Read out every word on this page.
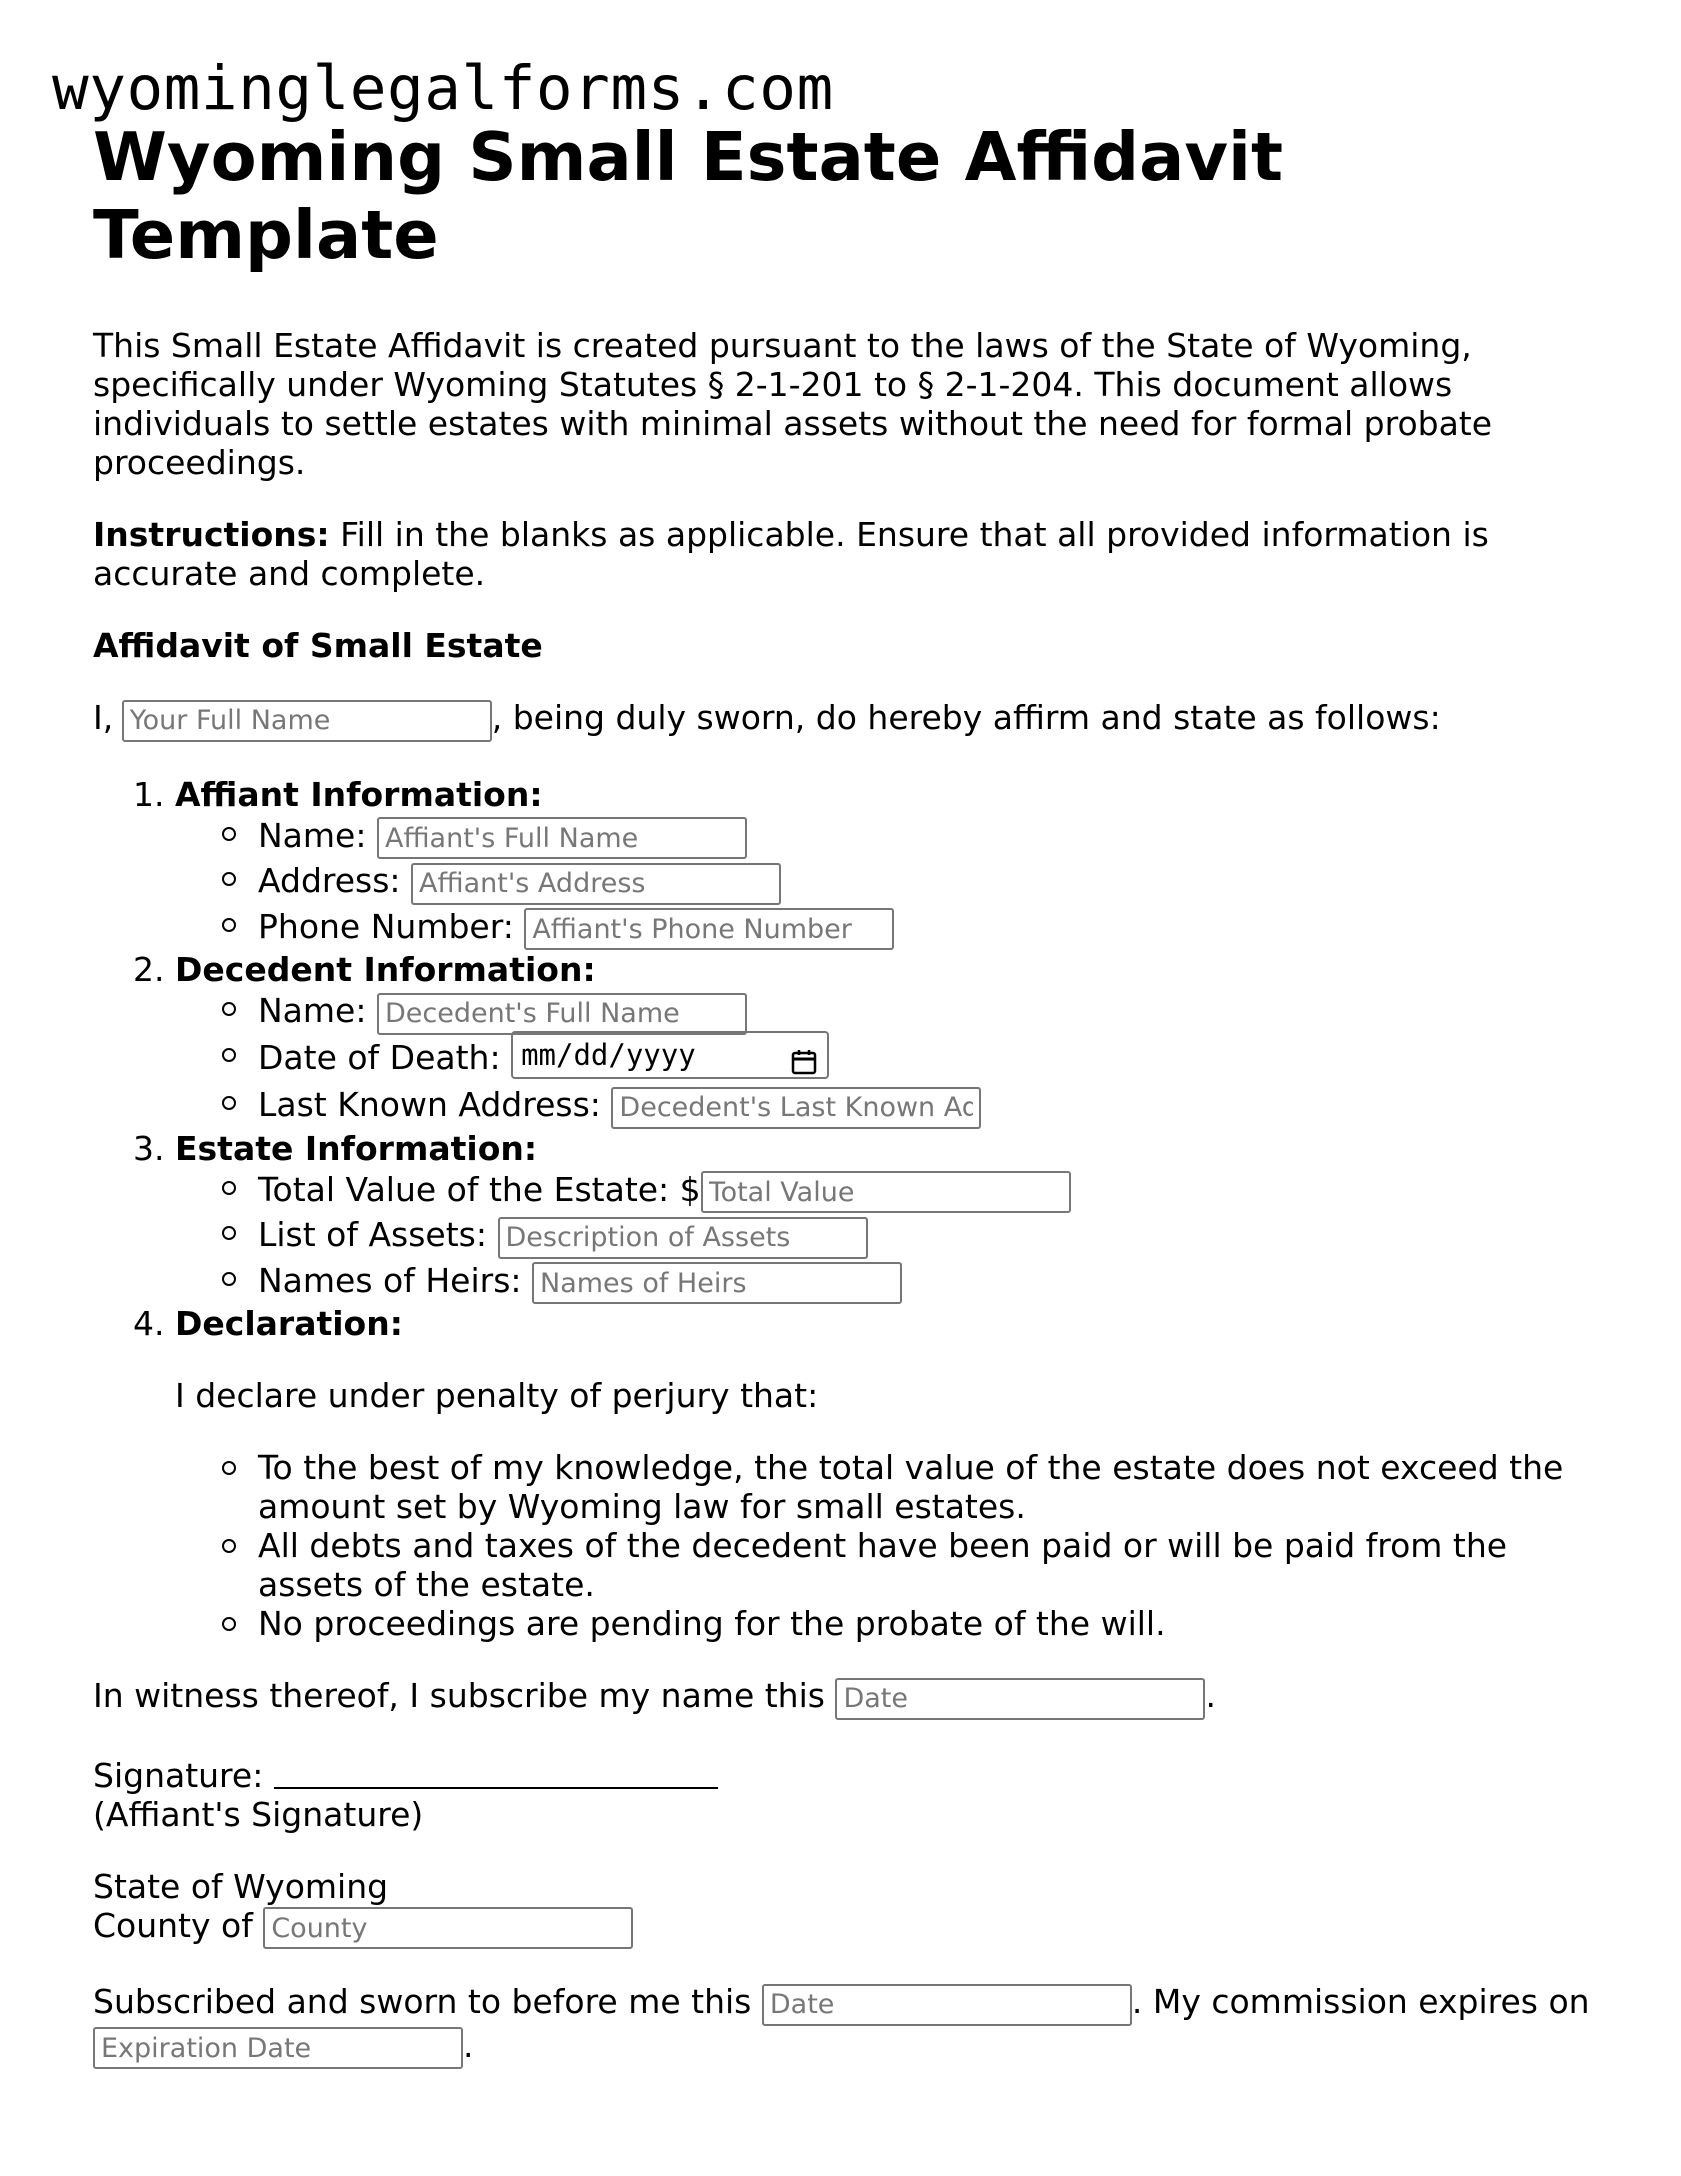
wyominglegalforms.com
Wyoming Small Estate Affidavit Template

This Small Estate Affidavit is created pursuant to the laws of the State of Wyoming, specifically under Wyoming Statutes § 2-1-201 to § 2-1-204. This document allows individuals to settle estates with minimal assets without the need for formal probate proceedings.

Instructions: Fill in the blanks as applicable. Ensure that all provided information is accurate and complete.

Affidavit of Small Estate
I, Your Full Name	, being duly sworn, do hereby affirm and state as follows:
1. Affiant Information:
Name: Affiant's Full Name
Address: Affiant's Address
Phone Number: Affiant's Phone Number
2. Decedent Information:
Name: Decedent's Full Name
Date of Death: mm/dd/yyyy
Last Known Address: Decedent's Last Known Address
3. Estate Information:
Total Value of the Estate: $Total Value
List of Assets: Description of Assets
Names of Heirs: Names of Heirs
4. Declaration:
I declare under penalty of perjury that:
To the best of my knowledge, the total value of the estate does not exceed the amount set by Wyoming law for small estates.
All debts and taxes of the decedent have been paid or will be paid from the assets of the estate.
No proceedings are pending for the probate of the will.
In witness thereof, I subscribe my name this Date	.
Signature:
(Affiant's Signature)
State of Wyoming
County of County
Subscribed and sworn to before me this Date	. My commission expires on
Expiration Date.
